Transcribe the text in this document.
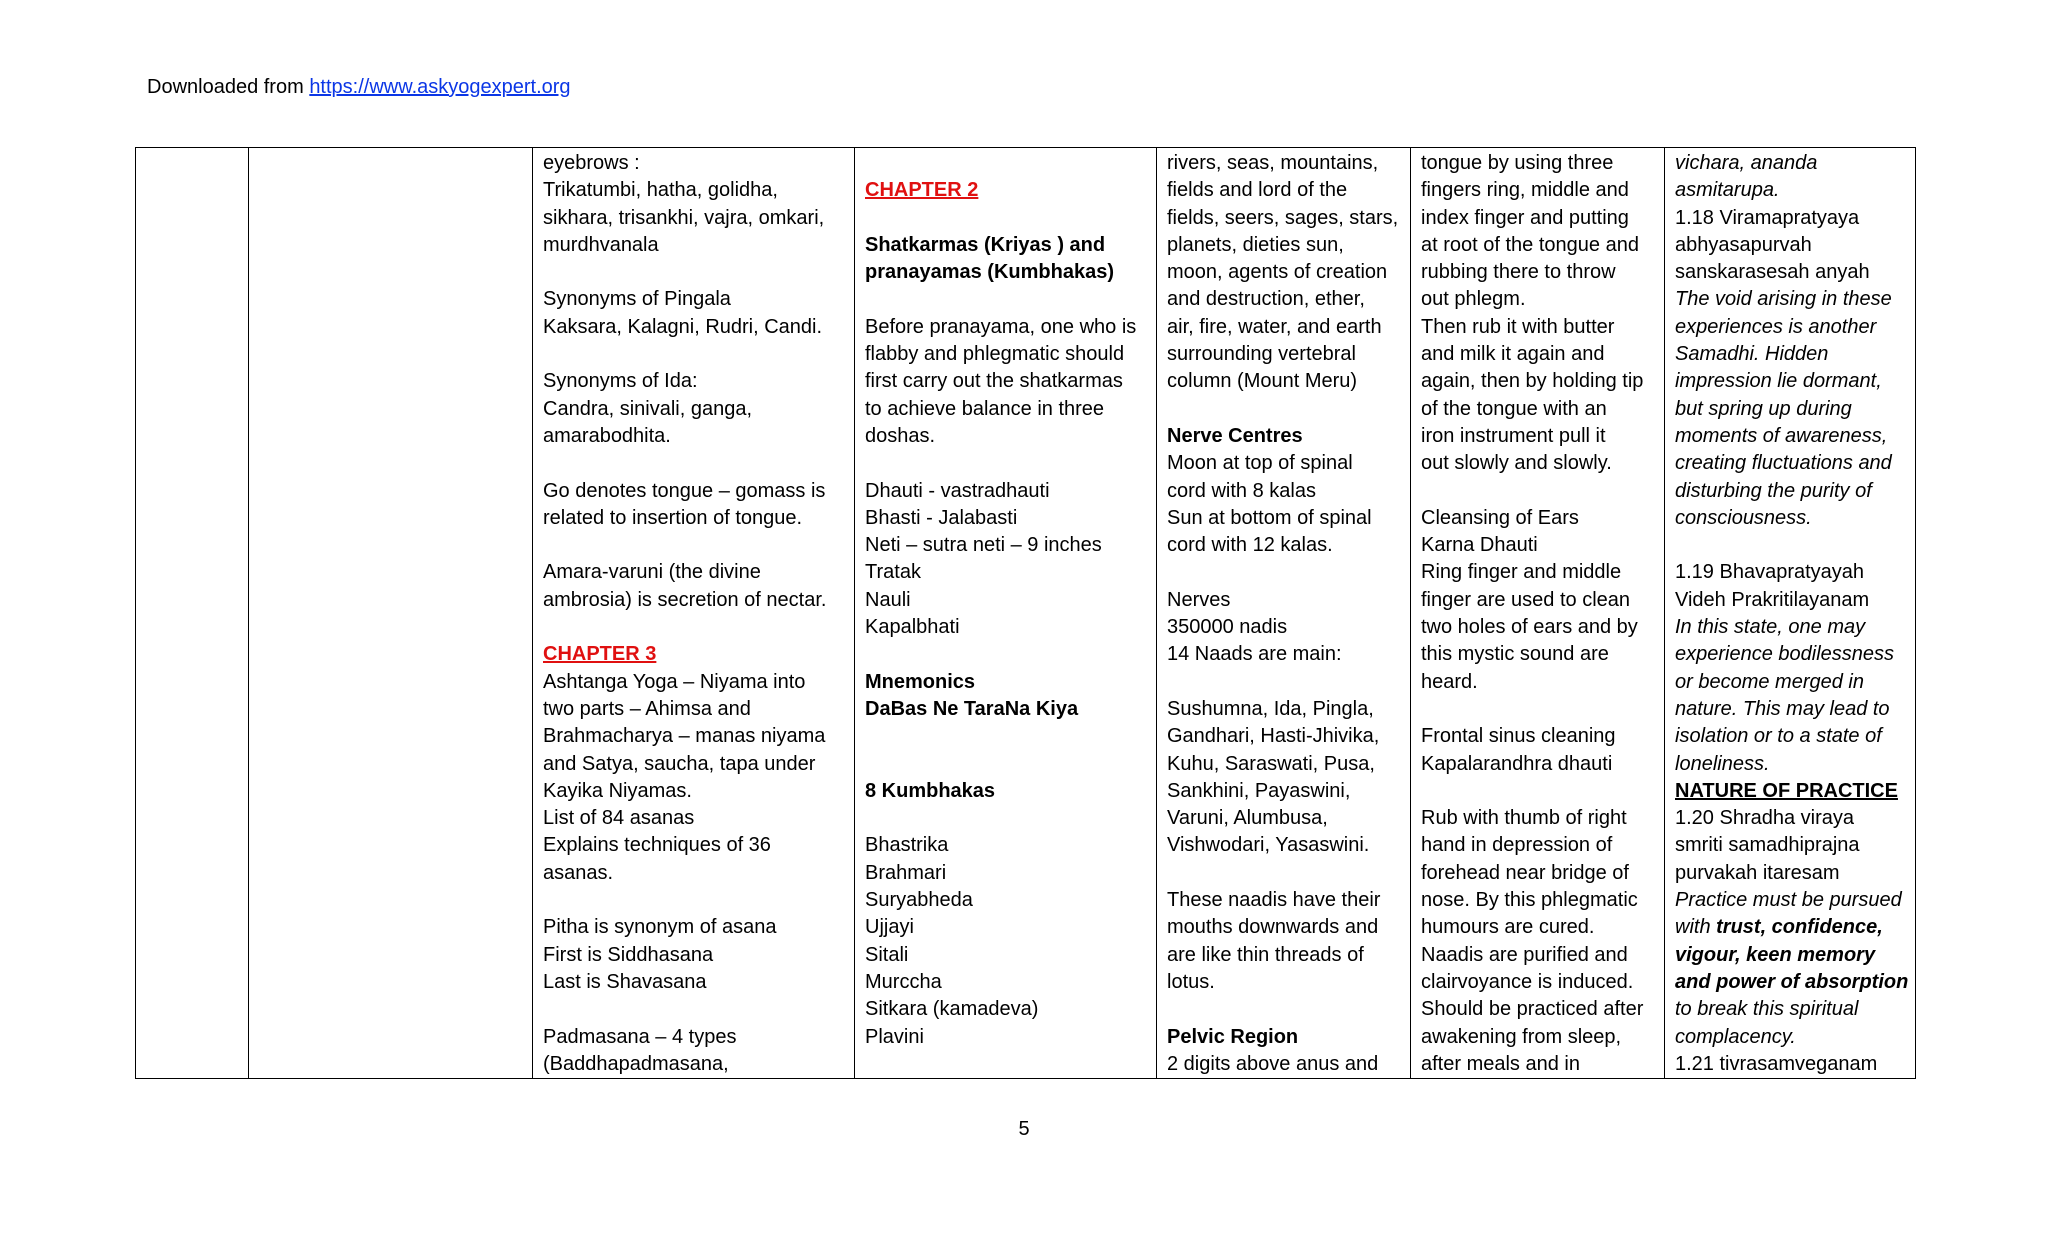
Downloaded from https://www.askyogexpert.org

eyebrows :
Trikatumbi, hatha, golidha,
sikhara, trisankhi, vajra, omkari,
murdhvanala
Synonyms of Pingala
Kaksara, Kalagni, Rudri, Candi.
Synonyms of Ida:
Candra, sinivali, ganga,
amarabodhita.
Go denotes tongue – gomass is
related to insertion of tongue.
Amara-varuni (the divine
ambrosia) is secretion of nectar.
CHAPTER 3
Ashtanga Yoga – Niyama into
two parts – Ahimsa and
Brahmacharya – manas niyama
and Satya, saucha, tapa under
Kayika Niyamas.
List of 84 asanas
Explains techniques of 36
asanas.
Pitha is synonym of asana
First is Siddhasana
Last is Shavasana
Padmasana – 4 types
(Baddhapadmasana,

CHAPTER 2
Shatkarmas (Kriyas ) and
pranayamas (Kumbhakas)
Before pranayama, one who is
flabby and phlegmatic should
first carry out the shatkarmas
to achieve balance in three
doshas.
Dhauti - vastradhauti
Bhasti - Jalabasti
Neti – sutra neti – 9 inches
Tratak
Nauli
Kapalbhati
Mnemonics
DaBas Ne TaraNa Kiya
8 Kumbhakas
Bhastrika
Brahmari
Suryabheda
Ujjayi
Sitali
Murccha
Sitkara (kamadeva)
Plavini

rivers, seas, mountains,
fields and lord of the
fields, seers, sages, stars,
planets, dieties sun,
moon, agents of creation
and destruction, ether,
air, fire, water, and earth
surrounding vertebral
column (Mount Meru)
Nerve Centres
Moon at top of spinal
cord with 8 kalas
Sun at bottom of spinal
cord with 12 kalas.
Nerves
350000 nadis
14 Naads are main:
Sushumna, Ida, Pingla,
Gandhari, Hasti-Jhivika,
Kuhu, Saraswati, Pusa,
Sankhini, Payaswini,
Varuni, Alumbusa,
Vishwodari, Yasaswini.
These naadis have their
mouths downwards and
are like thin threads of
lotus.
Pelvic Region
2 digits above anus and

tongue by using three
fingers ring, middle and
index finger and putting
at root of the tongue and
rubbing there to throw
out phlegm.
Then rub it with butter
and milk it again and
again, then by holding tip
of the tongue with an
iron instrument pull it
out slowly and slowly.
Cleansing of Ears
Karna Dhauti
Ring finger and middle
finger are used to clean
two holes of ears and by
this mystic sound are
heard.
Frontal sinus cleaning
Kapalarandhra dhauti
Rub with thumb of right
hand in depression of
forehead near bridge of
nose. By this phlegmatic
humours are cured.
Naadis are purified and
clairvoyance is induced.
Should be practiced after
awakening from sleep,
after meals and in

vichara, ananda
asmitarupa.
1.18 Viramapratyaya
abhyasapurvah
sanskarasesah anyah
The void arising in these
experiences is another
Samadhi. Hidden
impression lie dormant,
but spring up during
moments of awareness,
creating fluctuations and
disturbing the purity of
consciousness.
1.19 Bhavapratyayah
Videh Prakritilayanam
In this state, one may
experience bodilessness
or become merged in
nature. This may lead to
isolation or to a state of
loneliness.
NATURE OF PRACTICE
1.20 Shradha viraya
smriti samadhiprajna
purvakah itaresam
Practice must be pursued
with trust, confidence,
vigour, keen memory
and power of absorption
to break this spiritual
complacency.
1.21 tivrasamveganam
5
